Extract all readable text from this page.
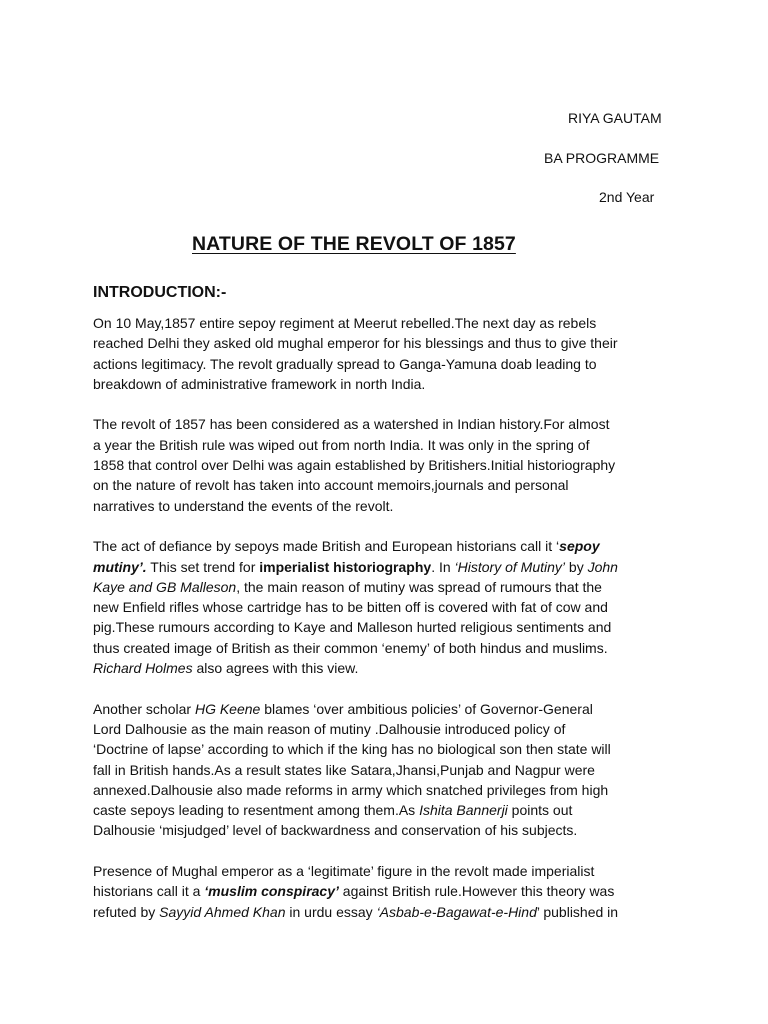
RIYA GAUTAM
BA PROGRAMME
2nd Year
NATURE OF THE REVOLT OF 1857
INTRODUCTION:-

On 10 May,1857 entire sepoy regiment at Meerut rebelled.The next day as rebels
reached Delhi they asked old mughal emperor for his blessings and thus to give their
actions legitimacy. The revolt gradually spread to Ganga-Yamuna doab leading to
breakdown of administrative framework in north India.

The revolt of 1857 has been considered as a watershed in Indian history.For almost
a year the British rule was wiped out from north India. It was only in the spring of
1858 that control over Delhi was again established by Britishers.Initial historiography
on the nature of revolt has taken into account memoirs,journals and personal
narratives to understand the events of the revolt.

The act of defiance by sepoys made British and European historians call it ‘sepoy
mutiny’. This set trend for imperialist historiography. In ‘History of Mutiny’ by John
Kaye and GB Malleson, the main reason of mutiny was spread of rumours that the
new Enfield rifles whose cartridge has to be bitten off is covered with fat of cow and
pig.These rumours according to Kaye and Malleson hurted religious sentiments and
thus created image of British as their common ‘enemy’ of both hindus and muslims.
Richard Holmes also agrees with this view.

Another scholar HG Keene blames ‘over ambitious policies’ of Governor-General
Lord Dalhousie as the main reason of mutiny .Dalhousie introduced policy of
‘Doctrine of lapse’ according to which if the king has no biological son then state will
fall in British hands.As a result states like Satara,Jhansi,Punjab and Nagpur were
annexed.Dalhousie also made reforms in army which snatched privileges from high
caste sepoys leading to resentment among them.As Ishita Bannerji points out
Dalhousie ‘misjudged’ level of backwardness and conservation of his subjects.

Presence of Mughal emperor as a ‘legitimate’ figure in the revolt made imperialist
historians call it a ‘muslim conspiracy’ against British rule.However this theory was
refuted by Sayyid Ahmed Khan in urdu essay ‘Asbab-e-Bagawat-e-Hind’ published in
